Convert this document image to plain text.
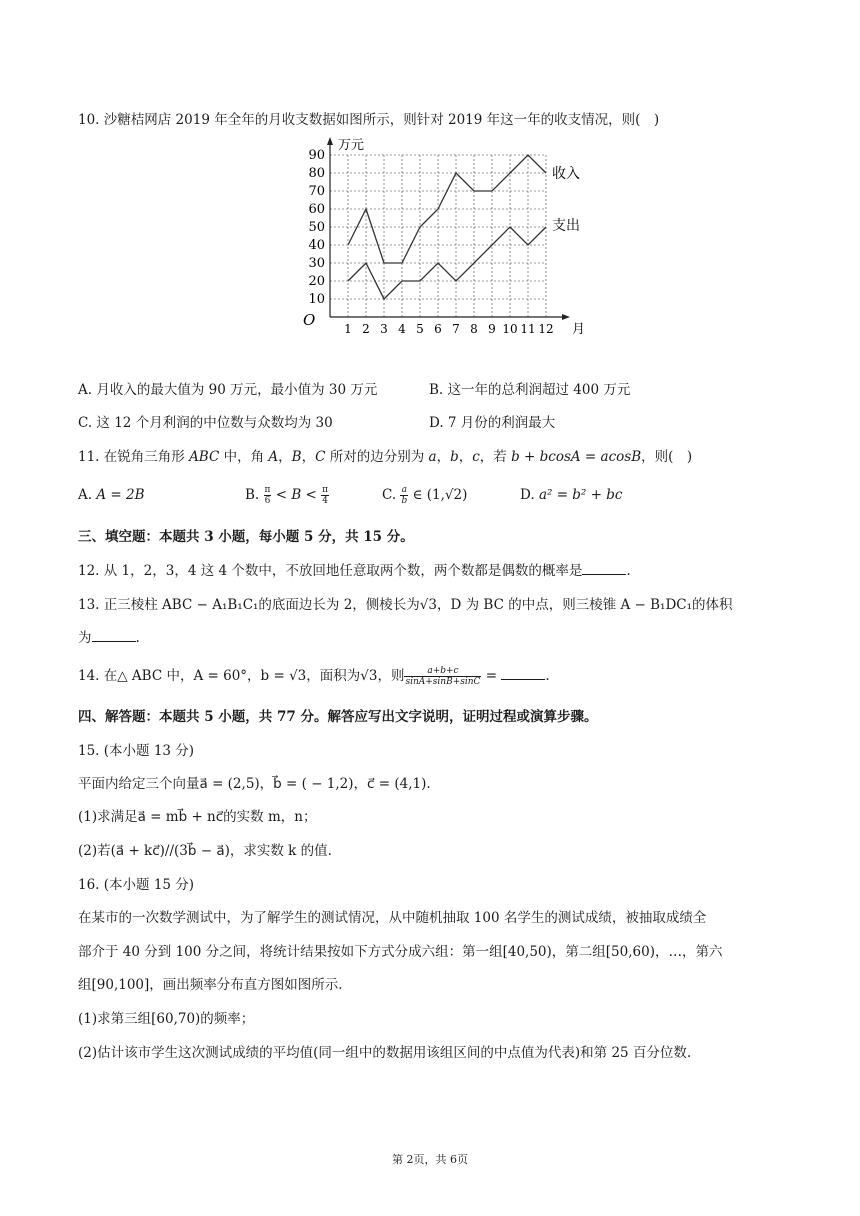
10. 沙糖桔网店 2019 年全年的月收支数据如图所示，则针对 2019 年这一年的收支情况，则( )
10
20
30
40
50
60
70
80
90
1 2 3 4 5 6 7 8 9 10 11 12
O
万元
月
收入
支出
A. 月收入的最大值为 90 万元，最小值为 30 万元	B. 这一年的总利润超过 400 万元
C. 这 12 个月利润的中位数与众数均为 30	D. 7 月份的利润最大
11. 在锐角三角形 ABC 中，角 A，B，C 所对的边分别为 a，b，c，若 b + bcosA = acosB，则( )
A. A = 2B	B. $\frac{\pi}{6} < B < \frac{\pi}{4}$	C. $\frac{a}{b}$ ∈ (1,√2)	D. a² = b² + bc
三、填空题：本题共 3 小题，每小题 5 分，共 15 分。
12. 从 1，2，3，4 这 4 个数中，不放回地任意取两个数，两个数都是偶数的概率是	.
13. 正三棱柱 ABC − A₁B₁C₁的底面边长为 2，侧棱长为√3，D 为 BC 的中点，则三棱锥 A − B₁DC₁的体积
为	.
14. 在△ ABC 中，A = 60°，b = √3，面积为√3，则 $\frac{a+b+c}{\sin A+\sin B+\sin C}$ =	.
四、解答题：本题共 5 小题，共 77 分。解答应写出文字说明，证明过程或演算步骤。
15. (本小题 13 分)
平面内给定三个向量a⃗ = (2,5)，b⃗ = ( − 1,2)，c⃗ = (4,1).
(1)求满足a⃗ = mb⃗ + nc⃗的实数 m，n；
(2)若(a⃗ + kc⃗)//(3b⃗ − a⃗)，求实数 k 的值.
16. (本小题 15 分)
在某市的一次数学测试中，为了解学生的测试情况，从中随机抽取 100 名学生的测试成绩，被抽取成绩全
部介于 40 分到 100 分之间，将统计结果按如下方式分成六组：第一组[40,50)，第二组[50,60)，…，第六
组[90,100]，画出频率分布直方图如图所示.
(1)求第三组[60,70)的频率；
(2)估计该市学生这次测试成绩的平均值(同一组中的数据用该组区间的中点值为代表)和第 25 百分位数.
第 2页，共 6页
